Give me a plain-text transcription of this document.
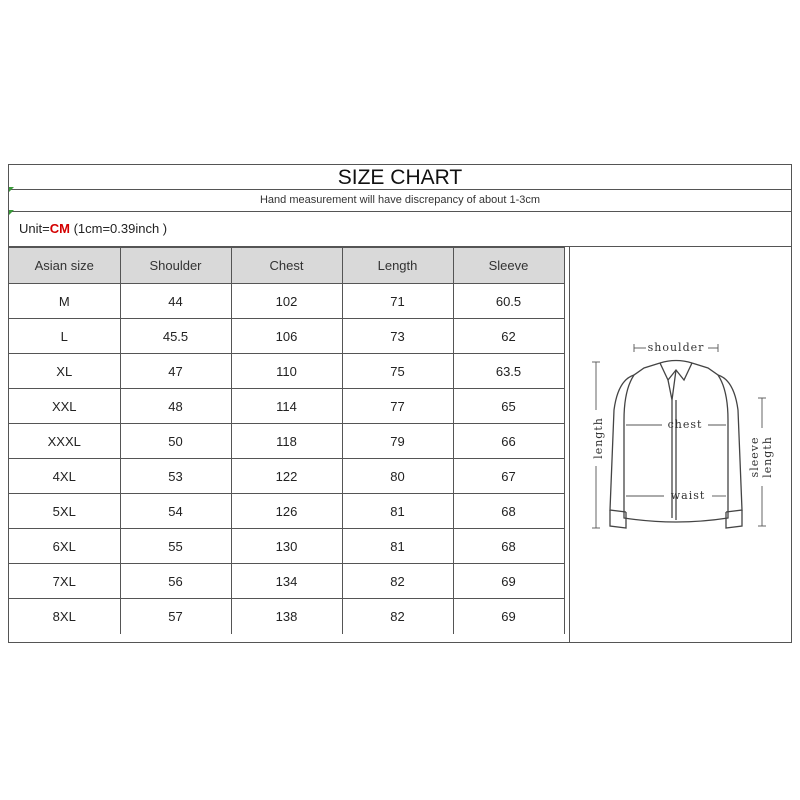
SIZE CHART
Hand measurement will have discrepancy of about 1-3cm
Unit=CM (1cm=0.39inch )
Asian size	Shoulder	Chest	Length	Sleeve
M	44	102	71	60.5
L	45.5	106	73	62
XL	47	110	75	63.5
XXL	48	114	77	65
XXXL	50	118	79	66
4XL	53	122	80	67
5XL	54	126	81	68
6XL	55	130	81	68
7XL	56	134	82	69
8XL	57	138	82	69
shoulder
chest
waist
length	sleeve length
